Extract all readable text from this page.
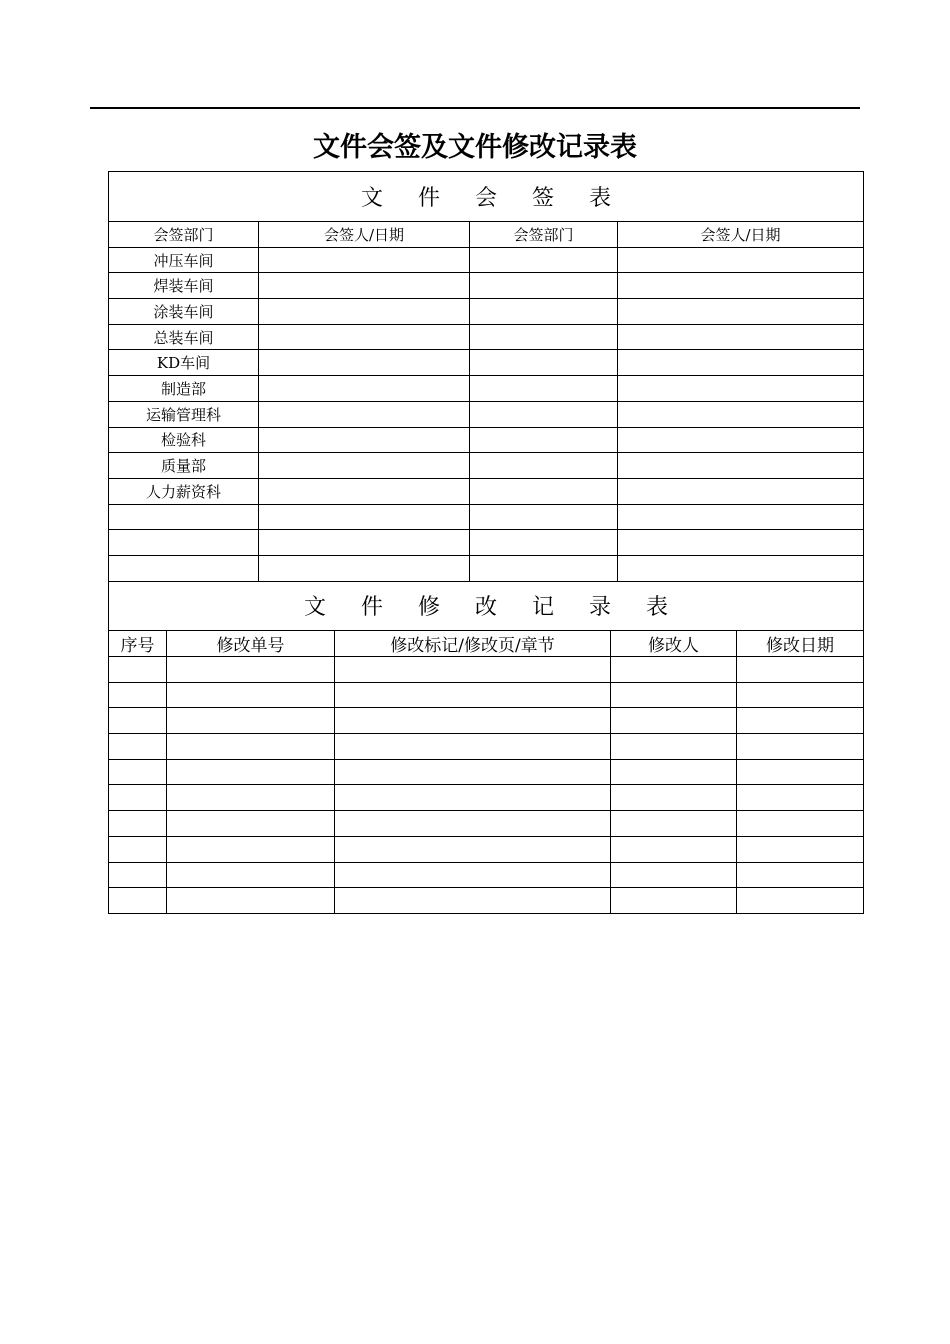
文件会签及文件修改记录表
文 件 会 签 表			
会签部门	会签人/日期	会签部门	会签人/日期
冲压车间			
焊装车间			
涂装车间			
总装车间			
KD车间			
制造部			
运输管理科			
检验科			
质量部			
人力薪资科			

文 件 修 改 记 录 表				
序号	修改单号	修改标记/修改页/章节	修改人	修改日期
